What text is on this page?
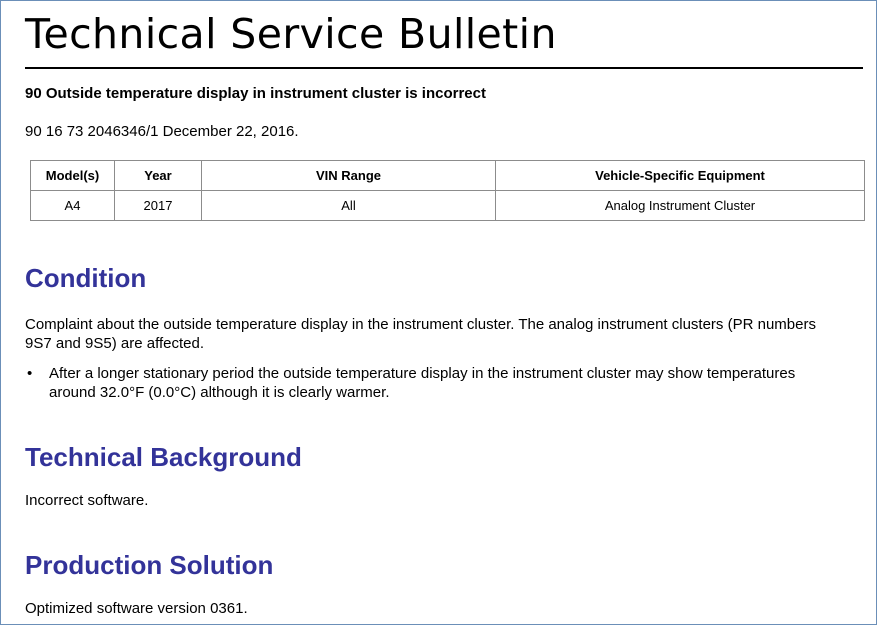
Technical Service Bulletin

90 Outside temperature display in instrument cluster is incorrect

90 16 73 2046346/1 December 22, 2016.

Model(s)	Year	VIN Range	Vehicle-Specific Equipment
A4	2017	All	Analog Instrument Cluster
Condition

Complaint about the outside temperature display in the instrument cluster. The analog instrument clusters (PR numbers 9S7 and 9S5) are affected.

• After a longer stationary period the outside temperature display in the instrument cluster may show temperatures around 32.0°F (0.0°C) although it is clearly warmer.
Technical Background

Incorrect software.

Production Solution

Optimized software version 0361.
